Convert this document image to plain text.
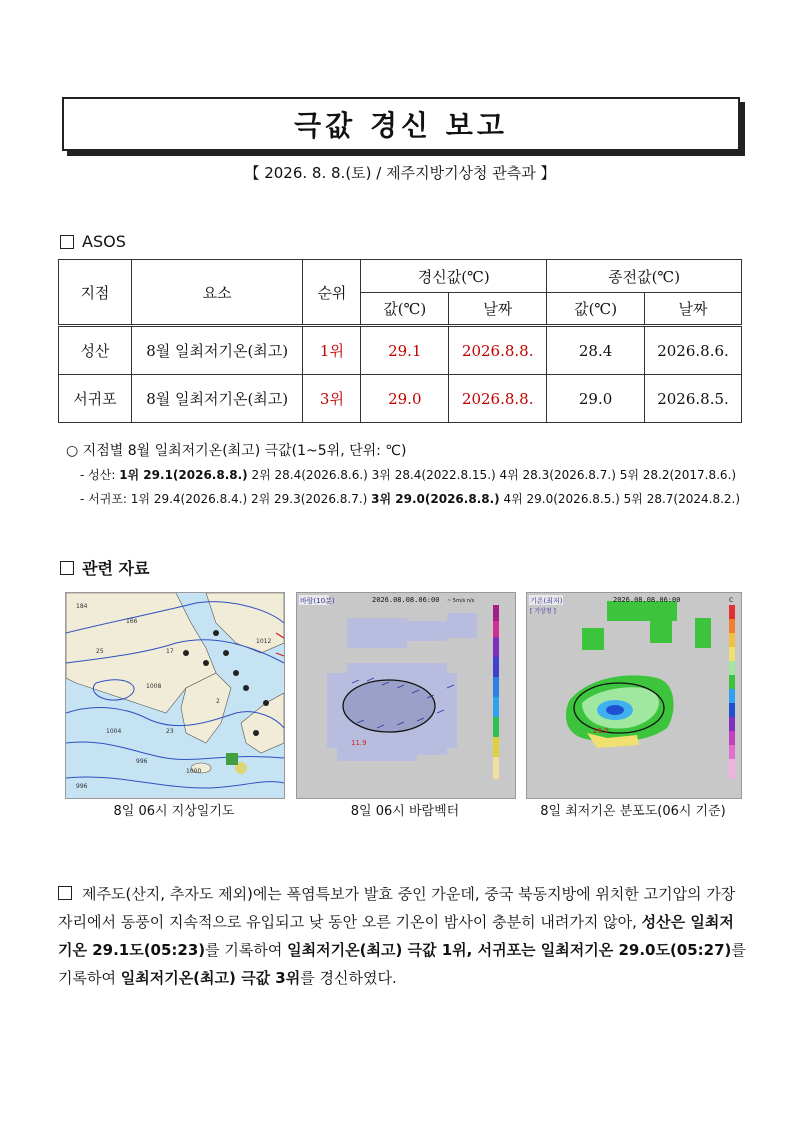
극값 경신 보고
【 2026. 8. 8.(토) / 제주지방기상청 관측과 】
ASOS
지점	요소	순위	경신값(℃)		종전값(℃)	
			값(℃)	날짜	값(℃)	날짜
성산	8월 일최저기온(최고)	1위	29.1	2026.8.8.	28.4	2026.8.6.
서귀포	8월 일최저기온(최고)	3위	29.0	2026.8.8.	29.0	2026.8.5.
○ 지점별 8월 일최저기온(최고) 극값(1~5위, 단위: ℃)
- 성산: 1위 29.1(2026.8.8.) 2위 28.4(2026.8.6.) 3위 28.4(2022.8.15.) 4위 28.3(2026.8.7.) 5위 28.2(2017.8.6.)
- 서귀포: 1위 29.4(2026.8.4.) 2위 29.3(2026.8.7.) 3위 29.0(2026.8.8.) 4위 29.0(2026.8.5.) 5위 28.7(2024.8.2.)
관련 자료
184
166
17
25
1008
2
1004
1000
996
996
1012
23
8일 06시 지상일기도
바람(10분)	2026.08.08.06:00 ~ 5m/s n/s
11.9
8일 06시 바람벡터
기온(최저)
[ 기상청 ]
2026.08.08.06:00	C
29.0
8일 최저기온 분포도(06시 기준)
제주도(산지, 추자도 제외)에는 폭염특보가 발효 중인 가운데, 중국 북동지방에 위치한 고기압의 가장자리에서 동풍이 지속적으로 유입되고 낮 동안 오른 기온이 밤사이 충분히 내려가지 않아, 성산은 일최저기온 29.1도(05:23)를 기록하여 일최저기온(최고) 극값 1위, 서귀포는 일최저기온 29.0도(05:27)를 기록하여 일최저기온(최고) 극값 3위를 경신하였다.
